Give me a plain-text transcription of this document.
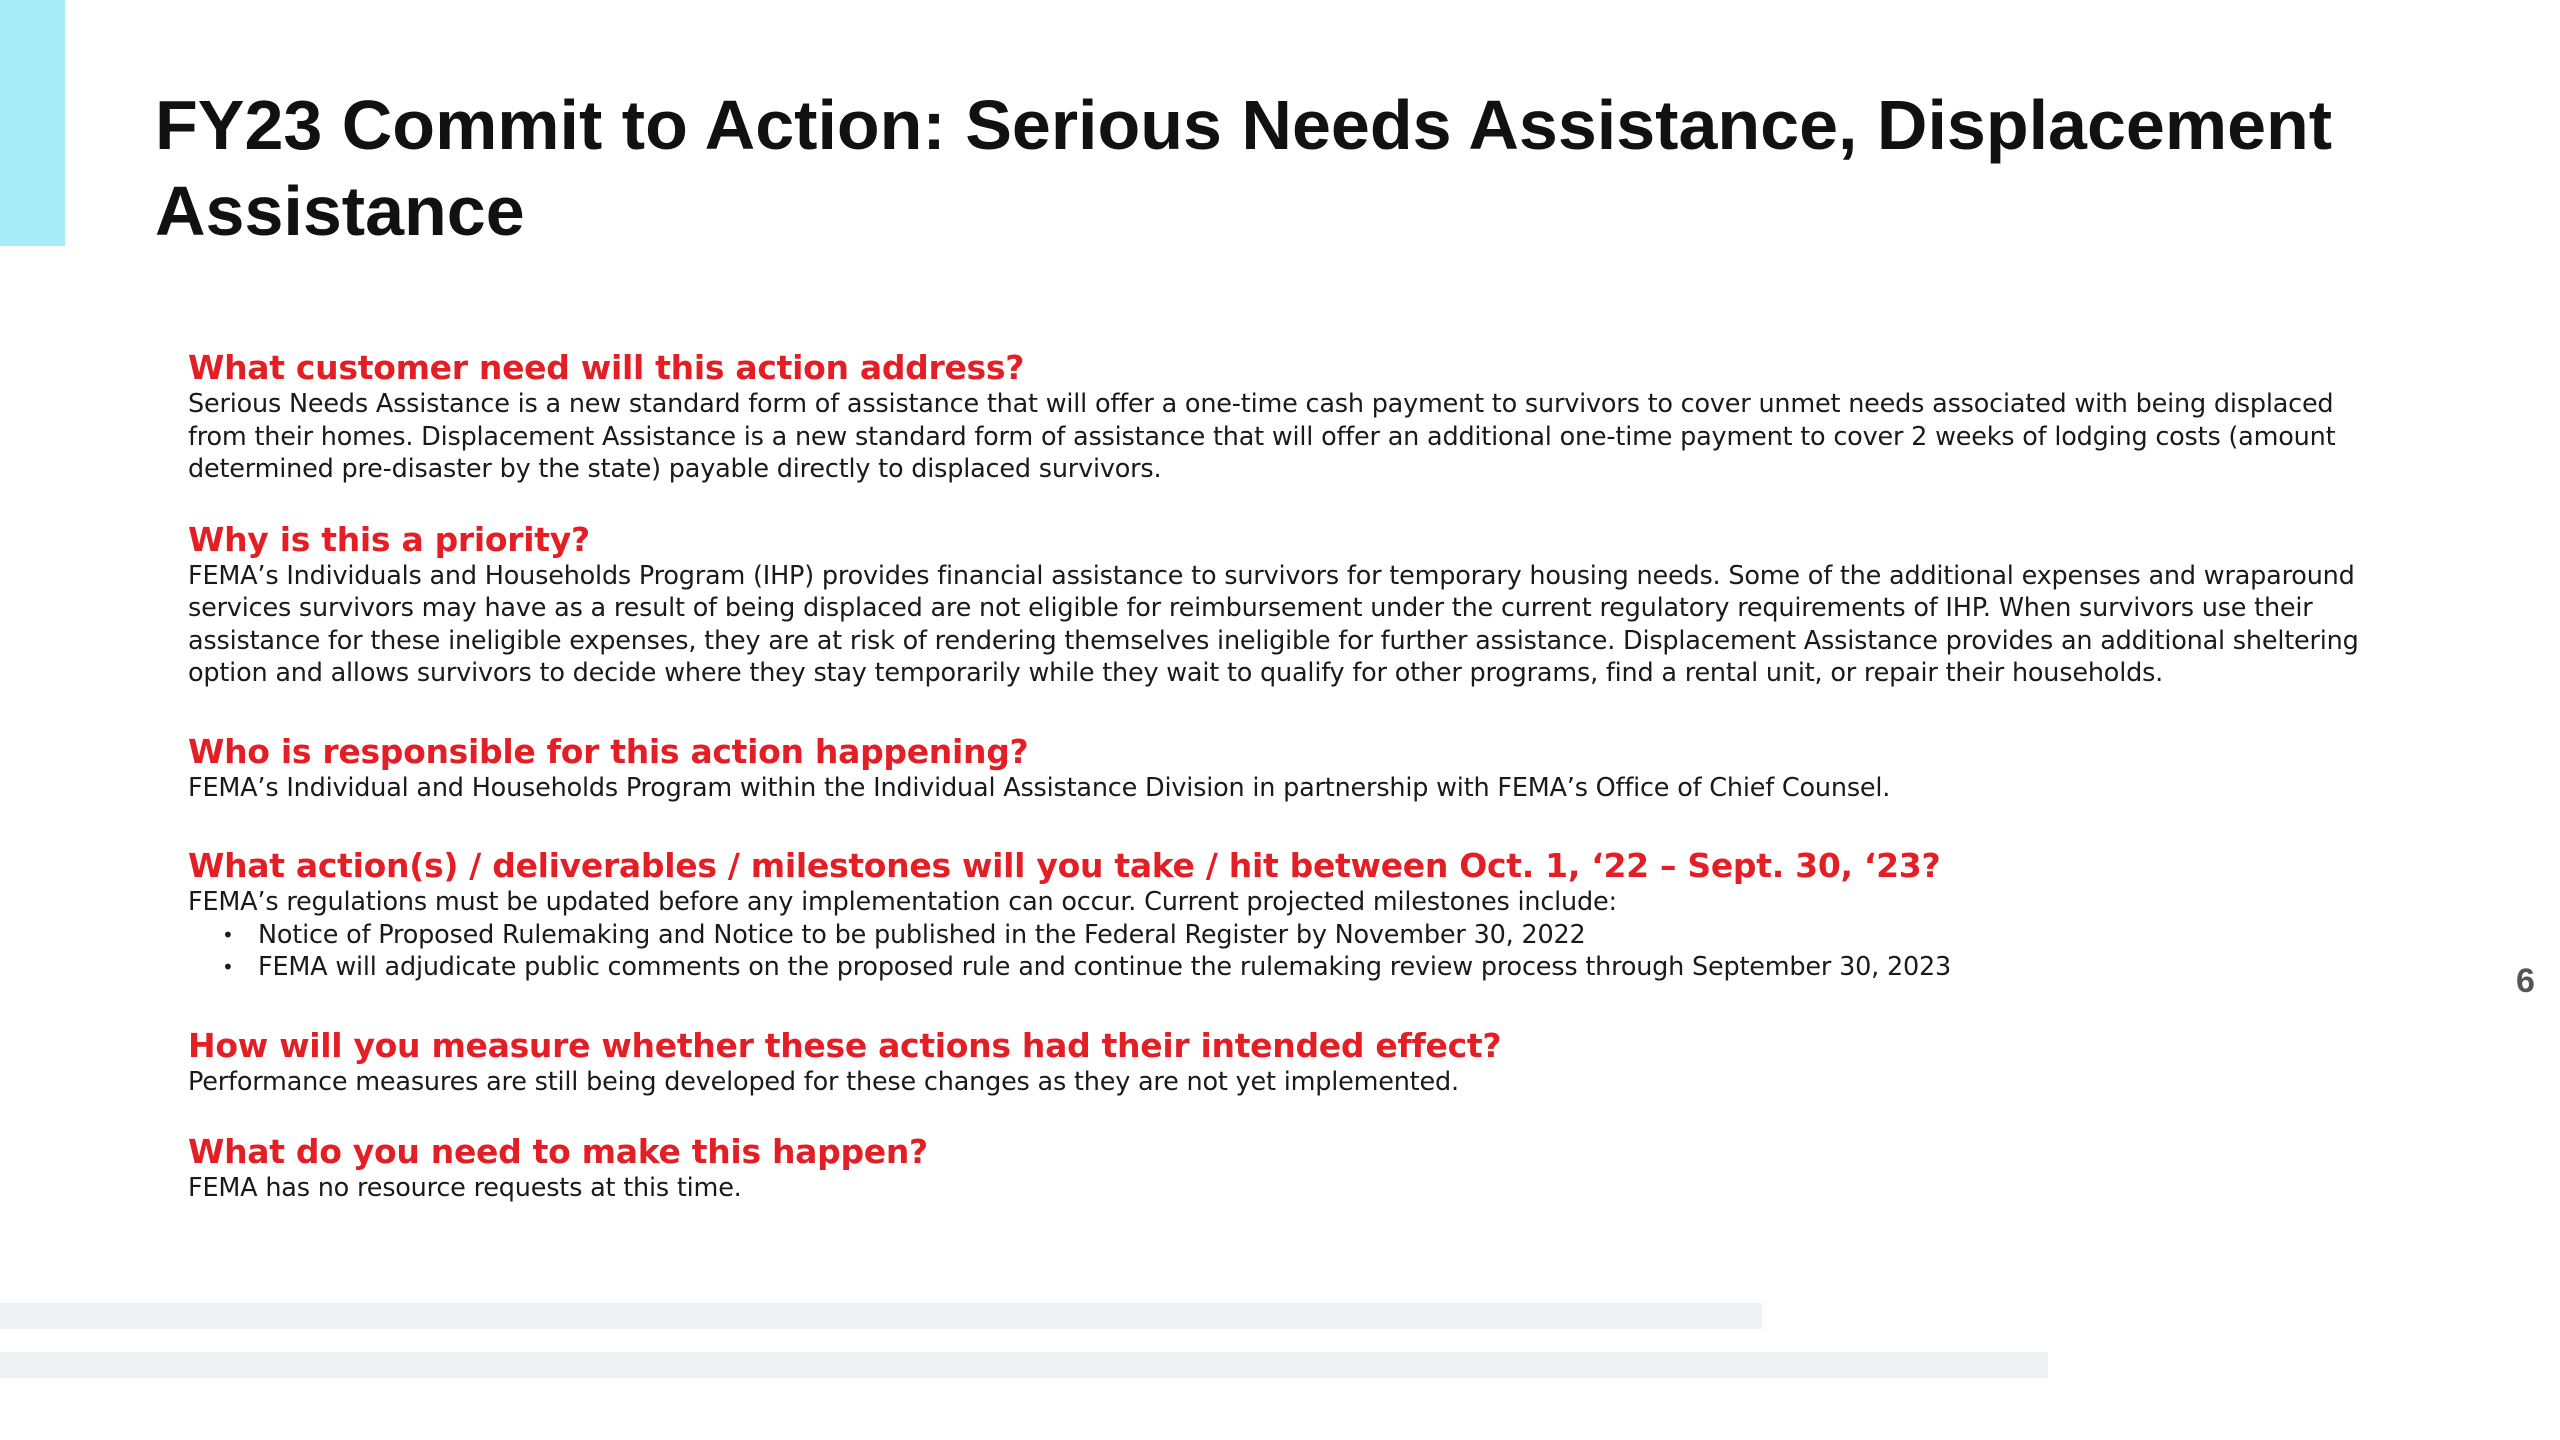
FY23 Commit to Action: Serious Needs Assistance, Displacement Assistance

What customer need will this action address?

Serious Needs Assistance is a new standard form of assistance that will offer a one-time cash payment to survivors to cover unmet needs associated with being displaced from their homes. Displacement Assistance is a new standard form of assistance that will offer an additional one-time payment to cover 2 weeks of lodging costs (amount determined pre-disaster by the state) payable directly to displaced survivors.

Why is this a priority?

FEMA’s Individuals and Households Program (IHP) provides financial assistance to survivors for temporary housing needs. Some of the additional expenses and wraparound services survivors may have as a result of being displaced are not eligible for reimbursement under the current regulatory requirements of IHP. When survivors use their assistance for these ineligible expenses, they are at risk of rendering themselves ineligible for further assistance. Displacement Assistance provides an additional sheltering option and allows survivors to decide where they stay temporarily while they wait to qualify for other programs, find a rental unit, or repair their households.

Who is responsible for this action happening?

FEMA’s Individual and Households Program within the Individual Assistance Division in partnership with FEMA’s Office of Chief Counsel.

What action(s) / deliverables / milestones will you take / hit between Oct. 1, ‘22 – Sept. 30, ‘23?

FEMA’s regulations must be updated before any implementation can occur. Current projected milestones include:

• Notice of Proposed Rulemaking and Notice to be published in the Federal Register by November 30, 2022
• FEMA will adjudicate public comments on the proposed rule and continue the rulemaking review process through September 30, 2023

How will you measure whether these actions had their intended effect?

Performance measures are still being developed for these changes as they are not yet implemented.

What do you need to make this happen?

FEMA has no resource requests at this time.

6
